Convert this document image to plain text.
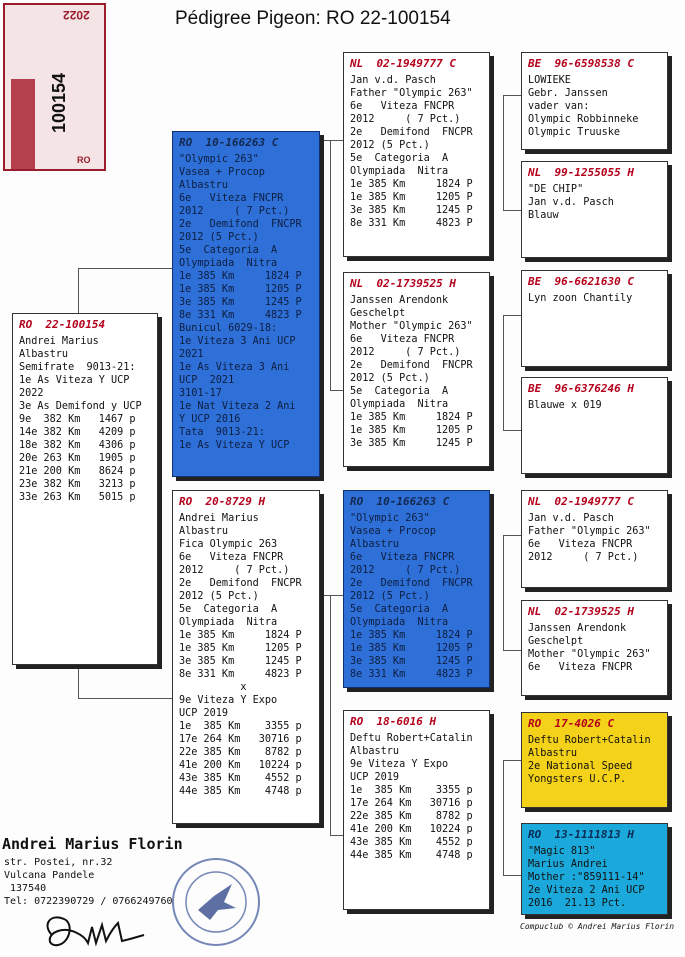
Pédigree Pigeon: RO 22-100154
2022
100154
RO
RO  22-100154
Andrei Marius
Albastru
Semifrate  9013-21:
1e As Viteza Y UCP
2022
3e As Demifond y UCP
9e  382 Km   1467 p
14e 382 Km   4209 p
18e 382 Km   4306 p
20e 263 Km   1905 p
21e 200 Km   8624 p
23e 382 Km   3213 p
33e 263 Km   5015 p
RO  10-166263 C
"Olympic 263"
Vasea + Procop
Albastru
6e   Viteza FNCPR
2012     ( 7 Pct.)
2e   Demifond  FNCPR
2012 (5 Pct.)
5e  Categoria  A
Olympiada  Nitra
1e 385 Km     1824 P
1e 385 Km     1205 P
3e 385 Km     1245 P
8e 331 Km     4823 P
Bunicul 6029-18:
1e Viteza 3 Ani UCP
2021
1e As Viteza 3 Ani
UCP  2021
3101-17
1e Nat Viteza 2 Ani
Y UCP 2016
Tata  9013-21:
1e As Viteza Y UCP
RO  20-8729 H
Andrei Marius
Albastru
Fica Olympic 263
6e   Viteza FNCPR
2012     ( 7 Pct.)
2e   Demifond  FNCPR
2012 (5 Pct.)
5e  Categoria  A
Olympiada  Nitra
1e 385 Km     1824 P
1e 385 Km     1205 P
3e 385 Km     1245 P
8e 331 Km     4823 P
x
9e Viteza Y Expo
UCP 2019
1e  385 Km    3355 p
17e 264 Km   30716 p
22e 385 Km    8782 p
41e 200 Km   10224 p
43e 385 Km    4552 p
44e 385 Km    4748 p
NL  02-1949777 C
Jan v.d. Pasch
Father "Olympic 263"
6e   Viteza FNCPR
2012     ( 7 Pct.)
2e   Demifond  FNCPR
2012 (5 Pct.)
5e  Categoria  A
Olympiada  Nitra
1e 385 Km     1824 P
1e 385 Km     1205 P
3e 385 Km     1245 P
8e 331 Km     4823 P
NL  02-1739525 H
Janssen Arendonk
Geschelpt
Mother "Olympic 263"
6e   Viteza FNCPR
2012     ( 7 Pct.)
2e   Demifond  FNCPR
2012 (5 Pct.)
5e  Categoria  A
Olympiada  Nitra
1e 385 Km     1824 P
1e 385 Km     1205 P
3e 385 Km     1245 P
RO  10-166263 C
"Olympic 263"
Vasea + Procop
Albastru
6e   Viteza FNCPR
2012     ( 7 Pct.)
2e   Demifond  FNCPR
2012 (5 Pct.)
5e  Categoria  A
Olympiada  Nitra
1e 385 Km     1824 P
1e 385 Km     1205 P
3e 385 Km     1245 P
8e 331 Km     4823 P
RO  18-6016 H
Deftu Robert+Catalin
Albastru
9e Viteza Y Expo
UCP 2019
1e  385 Km    3355 p
17e 264 Km   30716 p
22e 385 Km    8782 p
41e 200 Km   10224 p
43e 385 Km    4552 p
44e 385 Km    4748 p
BE  96-6598538 C
LOWIEKE
Gebr. Janssen
vader van:
Olympic Robbinneke
Olympic Truuske
NL  99-1255055 H
"DE CHIP"
Jan v.d. Pasch
Blauw
BE  96-6621630 C
Lyn zoon Chantily
BE  96-6376246 H
Blauwe x 019
NL  02-1949777 C
Jan v.d. Pasch
Father "Olympic 263"
6e   Viteza FNCPR
2012     ( 7 Pct.)
NL  02-1739525 H
Janssen Arendonk
Geschelpt
Mother "Olympic 263"
6e   Viteza FNCPR
RO  17-4026 C
Deftu Robert+Catalin
Albastru
2e National Speed
Yongsters U.C.P.
RO  13-1111813 H
"Magic 813"
Marius Andrei
Mother :"859111-14"
2e Viteza 2 Ani UCP
2016  21.13 Pct.
Andrei Marius Florin
str. Postei, nr.32
Vulcana Pandele
137540
Tel: 0722390729 / 0766249760
Compuclub © Andrei Marius Florin
